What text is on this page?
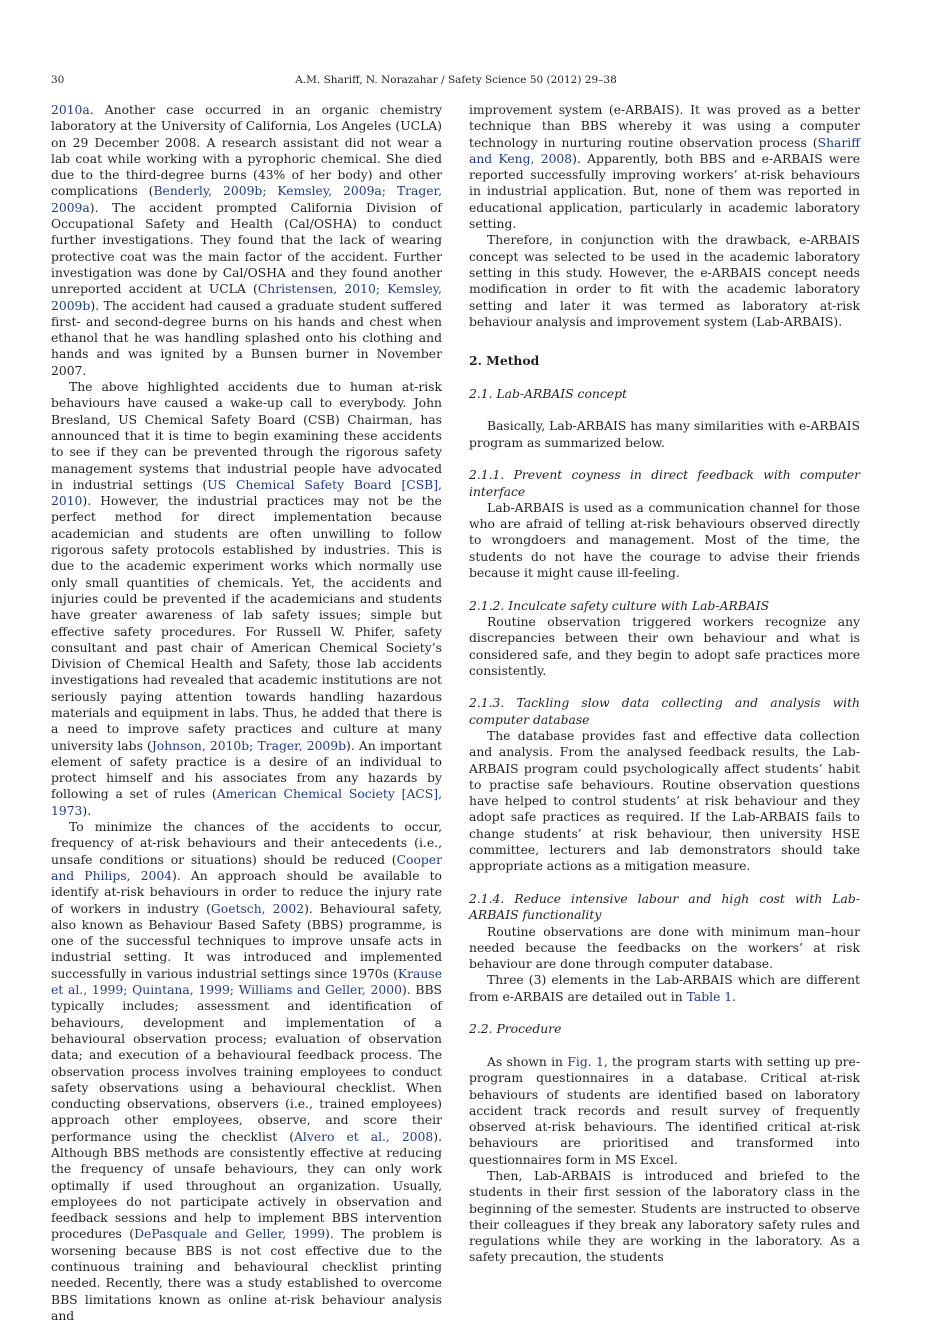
30	A.M. Shariff, N. Norazahar / Safety Science 50 (2012) 29–38

2010a. Another case occurred in an organic chemistry laboratory at the University of California, Los Angeles (UCLA) on 29 December 2008. A research assistant did not wear a lab coat while working with a pyrophoric chemical. She died due to the third-degree burns (43% of her body) and other complications (Benderly, 2009b; Kemsley, 2009a; Trager, 2009a). The accident prompted California Division of Occupational Safety and Health (Cal/OSHA) to conduct further investigations. They found that the lack of wearing protective coat was the main factor of the accident. Further investigation was done by Cal/OSHA and they found another unreported accident at UCLA (Christensen, 2010; Kemsley, 2009b). The accident had caused a graduate student suffered first- and second-degree burns on his hands and chest when ethanol that he was handling splashed onto his clothing and hands and was ignited by a Bunsen burner in November 2007.

The above highlighted accidents due to human at-risk behaviours have caused a wake-up call to everybody. John Bresland, US Chemical Safety Board (CSB) Chairman, has announced that it is time to begin examining these accidents to see if they can be prevented through the rigorous safety management systems that industrial people have advocated in industrial settings (US Chemical Safety Board [CSB], 2010). However, the industrial practices may not be the perfect method for direct implementation because academician and students are often unwilling to follow rigorous safety protocols established by industries. This is due to the academic experiment works which normally use only small quantities of chemicals. Yet, the accidents and injuries could be prevented if the academicians and students have greater awareness of lab safety issues; simple but effective safety procedures. For Russell W. Phifer, safety consultant and past chair of American Chemical Society’s Division of Chemical Health and Safety, those lab accidents investigations had revealed that academic institutions are not seriously paying attention towards handling hazardous materials and equipment in labs. Thus, he added that there is a need to improve safety practices and culture at many university labs (Johnson, 2010b; Trager, 2009b). An important element of safety practice is a desire of an individual to protect himself and his associates from any hazards by following a set of rules (American Chemical Society [ACS], 1973).

To minimize the chances of the accidents to occur, frequency of at-risk behaviours and their antecedents (i.e., unsafe conditions or situations) should be reduced (Cooper and Philips, 2004). An approach should be available to identify at-risk behaviours in order to reduce the injury rate of workers in industry (Goetsch, 2002). Behavioural safety, also known as Behaviour Based Safety (BBS) programme, is one of the successful techniques to improve unsafe acts in industrial setting. It was introduced and implemented successfully in various industrial settings since 1970s (Krause et al., 1999; Quintana, 1999; Williams and Geller, 2000). BBS typically includes; assessment and identification of behaviours, development and implementation of a behavioural observation process; evaluation of observation data; and execution of a behavioural feedback process. The observation process involves training employees to conduct safety observations using a behavioural checklist. When conducting observations, observers (i.e., trained employees) approach other employees, observe, and score their performance using the checklist (Alvero et al., 2008). Although BBS methods are consistently effective at reducing the frequency of unsafe behaviours, they can only work optimally if used throughout an organization. Usually, employees do not participate actively in observation and feedback sessions and help to implement BBS intervention procedures (DePasquale and Geller, 1999). The problem is worsening because BBS is not cost effective due to the continuous training and behavioural checklist printing needed. Recently, there was a study established to overcome BBS limitations known as online at-risk behaviour analysis and

improvement system (e-ARBAIS). It was proved as a better technique than BBS whereby it was using a computer technology in nurturing routine observation process (Shariff and Keng, 2008). Apparently, both BBS and e-ARBAIS were reported successfully improving workers’ at-risk behaviours in industrial application. But, none of them was reported in educational application, particularly in academic laboratory setting.

Therefore, in conjunction with the drawback, e-ARBAIS concept was selected to be used in the academic laboratory setting in this study. However, the e-ARBAIS concept needs modification in order to fit with the academic laboratory setting and later it was termed as laboratory at-risk behaviour analysis and improvement system (Lab-ARBAIS).

2. Method
2.1. Lab-ARBAIS concept

Basically, Lab-ARBAIS has many similarities with e-ARBAIS program as summarized below.

2.1.1. Prevent coyness in direct feedback with computer interface

Lab-ARBAIS is used as a communication channel for those who are afraid of telling at-risk behaviours observed directly to wrongdoers and management. Most of the time, the students do not have the courage to advise their friends because it might cause ill-feeling.

2.1.2. Inculcate safety culture with Lab-ARBAIS

Routine observation triggered workers recognize any discrepancies between their own behaviour and what is considered safe, and they begin to adopt safe practices more consistently.

2.1.3. Tackling slow data collecting and analysis with computer database

The database provides fast and effective data collection and analysis. From the analysed feedback results, the Lab-ARBAIS program could psychologically affect students’ habit to practise safe behaviours. Routine observation questions have helped to control students’ at risk behaviour and they adopt safe practices as required. If the Lab-ARBAIS fails to change students’ at risk behaviour, then university HSE committee, lecturers and lab demonstrators should take appropriate actions as a mitigation measure.

2.1.4. Reduce intensive labour and high cost with Lab-ARBAIS functionality

Routine observations are done with minimum man–hour needed because the feedbacks on the workers’ at risk behaviour are done through computer database.

Three (3) elements in the Lab-ARBAIS which are different from e-ARBAIS are detailed out in Table 1.

2.2. Procedure

As shown in Fig. 1, the program starts with setting up pre-program questionnaires in a database. Critical at-risk behaviours of students are identified based on laboratory accident track records and result survey of frequently observed at-risk behaviours. The identified critical at-risk behaviours are prioritised and transformed into questionnaires form in MS Excel.

Then, Lab-ARBAIS is introduced and briefed to the students in their first session of the laboratory class in the beginning of the semester. Students are instructed to observe their colleagues if they break any laboratory safety rules and regulations while they are working in the laboratory. As a safety precaution, the students
